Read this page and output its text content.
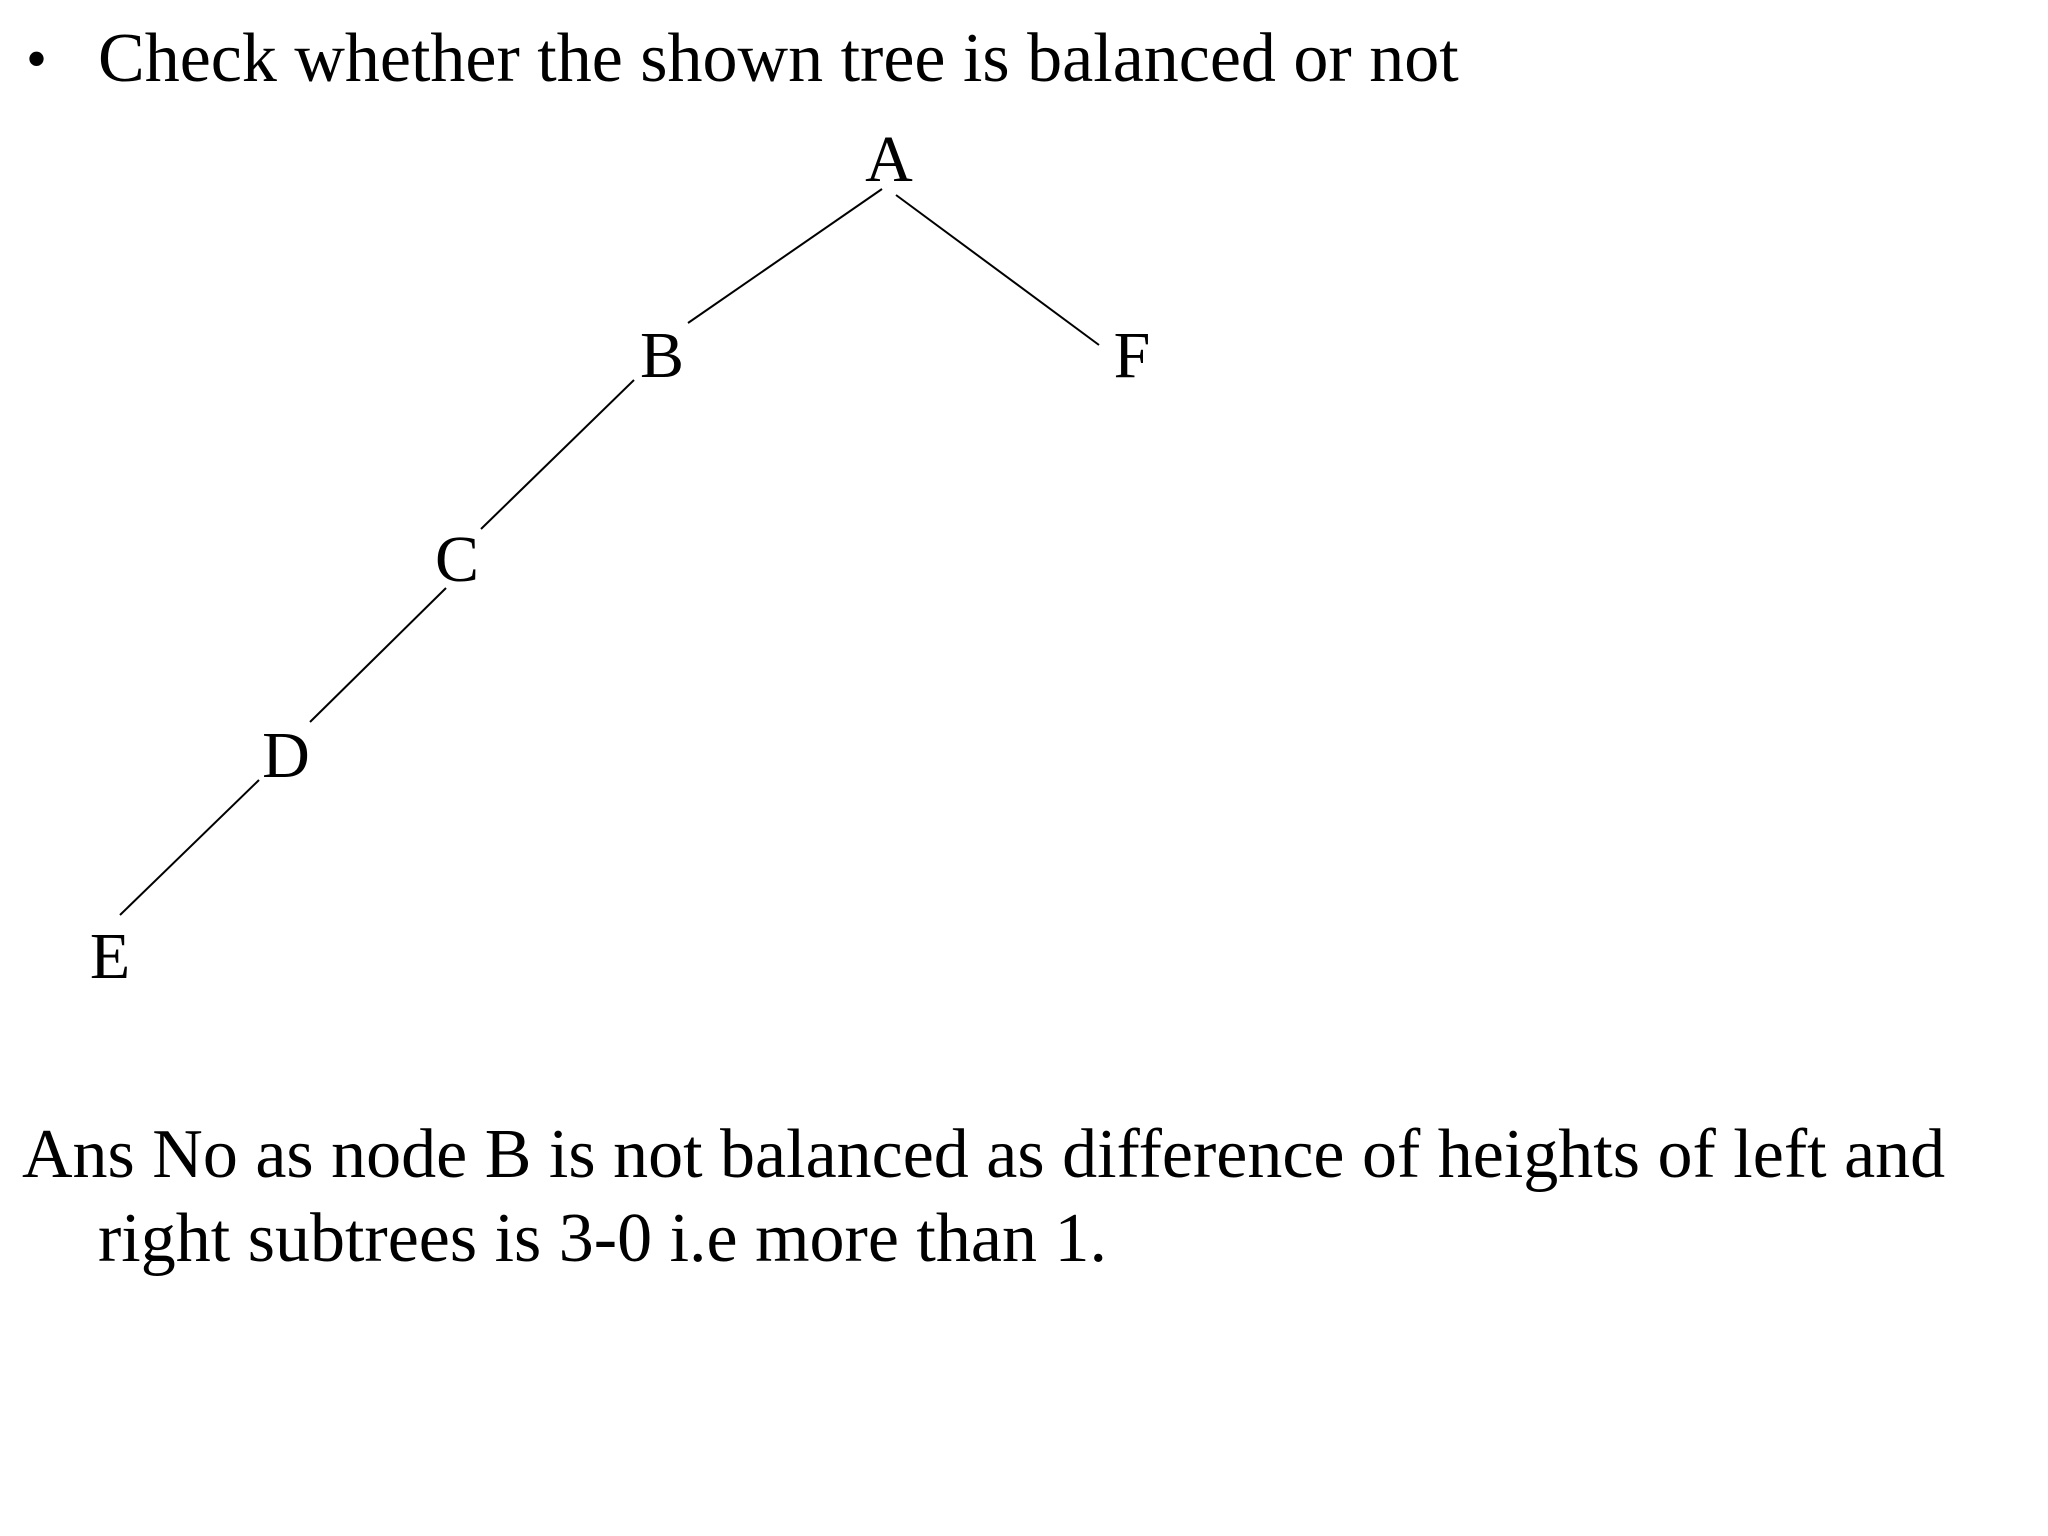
• Check whether the shown tree is balanced or not
A
B	F
C
D
E
Ans No as node B is not balanced as difference of heights of left and
right subtrees is 3-0 i.e more than 1.
